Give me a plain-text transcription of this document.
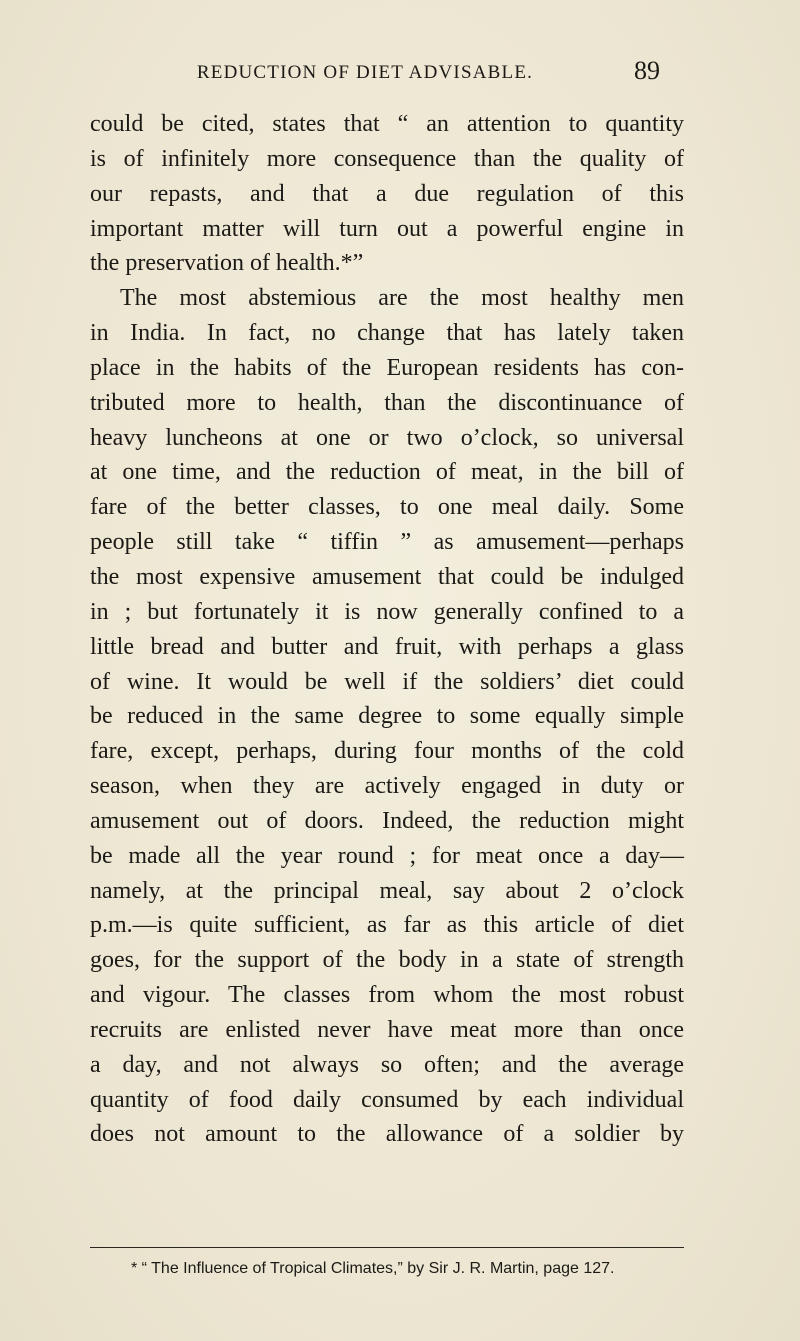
REDUCTION OF DIET ADVISABLE.	89
could be cited, states that “ an attention to quantity
is of infinitely more consequence than the quality of
our repasts, and that a due regulation of this
important matter will turn out a powerful engine in
the preservation of health.*”
The most abstemious are the most healthy men
in India. In fact, no change that has lately taken
place in the habits of the European residents has con-
tributed more to health, than the discontinuance of
heavy luncheons at one or two o’clock, so universal
at one time, and the reduction of meat, in the bill of
fare of the better classes, to one meal daily. Some
people still take “ tiffin ” as amusement—perhaps
the most expensive amusement that could be indulged
in ; but fortunately it is now generally confined to a
little bread and butter and fruit, with perhaps a glass
of wine. It would be well if the soldiers’ diet could
be reduced in the same degree to some equally simple
fare, except, perhaps, during four months of the cold
season, when they are actively engaged in duty or
amusement out of doors. Indeed, the reduction might
be made all the year round ; for meat once a day—
namely, at the principal meal, say about 2 o’clock
p.m.—is quite sufficient, as far as this article of diet
goes, for the support of the body in a state of strength
and vigour. The classes from whom the most robust
recruits are enlisted never have meat more than once
a day, and not always so often; and the average
quantity of food daily consumed by each individual
does not amount to the allowance of a soldier by
* “ The Influence of Tropical Climates,” by Sir J. R. Martin, page 127.
